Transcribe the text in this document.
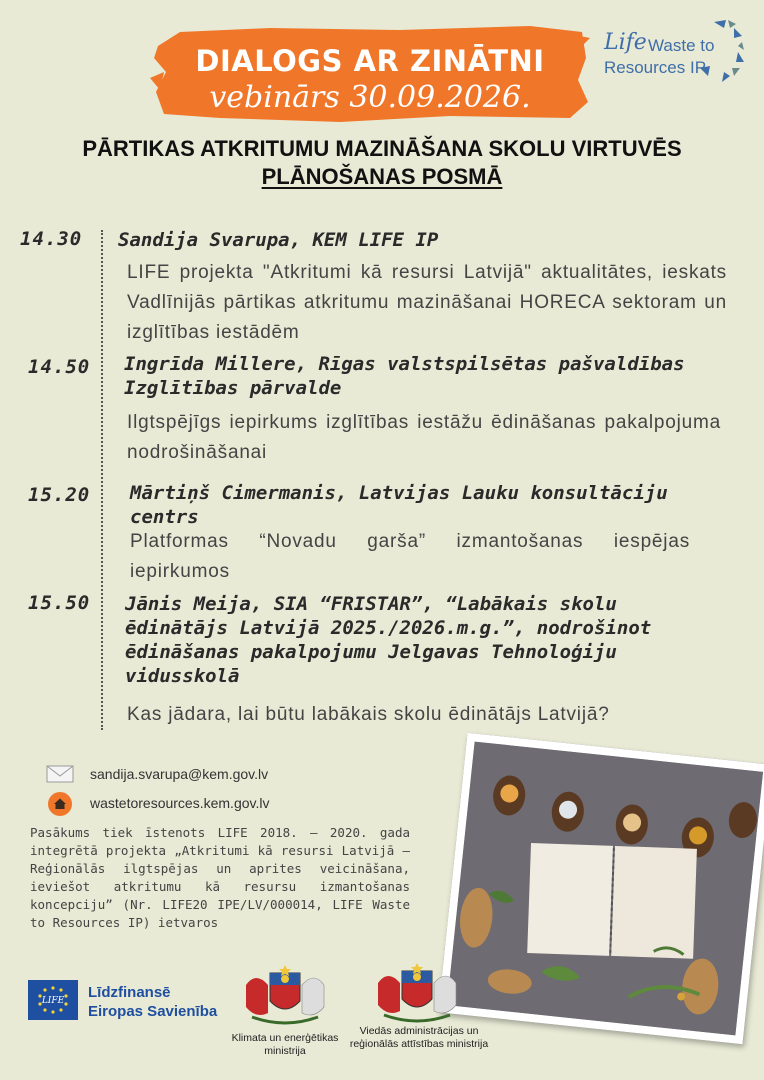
DIALOGS AR ZINĀTNI
vebinārs 30.09.2026.
Life Waste to
Resources IP
PĀRTIKAS ATKRITUMU MAZINĀŠANA SKOLU VIRTUVĒS
PLĀNOŠANAS POSMĀ
14.30 Sandija Svarupa, KEM LIFE IP
LIFE projekta "Atkritumi kā resursi Latvijā" aktualitātes, ieskats Vadlīnijās pārtikas atkritumu mazināšanai HORECA sektoram un izglītības iestādēm
14.50 Ingrīda Millere, Rīgas valstspilsētas pašvaldības Izglītības pārvalde
Ilgtspējīgs iepirkums izglītības iestāžu ēdināšanas pakalpojuma nodrošināšanai
15.20 Mārtiņš Cimermanis, Latvijas Lauku konsultāciju centrs
Platformas “Novadu garša” izmantošanas iespējas iepirkumos
15.50 Jānis Meija, SIA “FRISTAR”, “Labākais skolu ēdinātājs Latvijā 2025./2026.m.g.”, nodrošinot ēdināšanas pakalpojumu Jelgavas Tehnoloģiju vidusskolā
Kas jādara, lai būtu labākais skolu ēdinātājs Latvijā?
sandija.svarupa@kem.gov.lv
wastetoresources.kem.gov.lv
Pasākums tiek īstenots LIFE 2018. – 2020. gada integrētā projekta „Atkritumi kā resursi Latvijā – Reģionālās ilgtspējas un aprites veicināšana, ieviešot atkritumu kā resursu izmantošanas koncepciju” (Nr. LIFE20 IPE/LV/000014, LIFE Waste to Resources IP) ietvaros
LIFE Līdzfinansē
Eiropas Savienība
Klimata un enerģētikas ministrija
Viedās administrācijas un reģionālās attīstības ministrija
